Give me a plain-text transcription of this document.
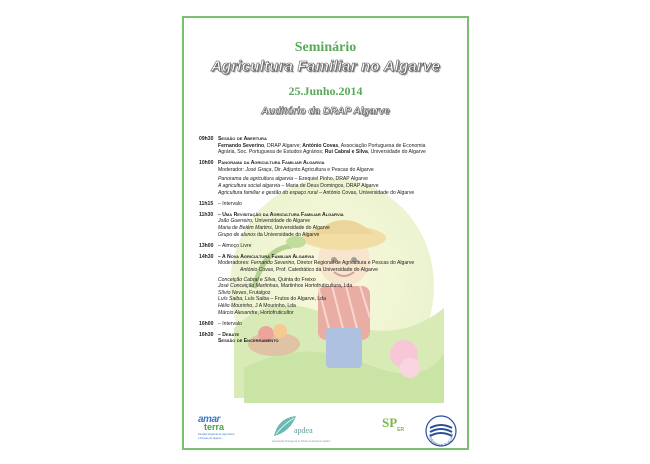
Seminário
Agricultura Familiar no Algarve
25.Junho.2014
Auditório da DRAP Algarve
09h30 Sessão de Abertura
Fernando Severino, DRAP Algarve; António Covas, Associação Portuguesa de Economia
Agrária, Soc. Portuguesa de Estudos Agrários; Rui Cabral e Silva, Universidade do Algarve
10h00 Panorama da Agricultura Familiar Algarvia
Moderador: José Graça, Dir. Adjunto Agricultura e Pescas do Algarve
Panorama da agricultura algarvia – Ezequiel Pinho, DRAP Algarve
A agricultura social algarvia – Maria de Deus Domingos, DRAP Algarve
Agricultura familiar e gestão do espaço rural – António Covas, Universidade do Algarve
11h15 – Intervalo
11h30 – Uma Revisitação da Agricultura Familiar Algarvia
João Guerreiro, Universidade do Algarve
Maria de Belém Martins, Universidade do Algarve
Grupo de alunos da Universidade do Algarve
13h00 – Almoço Livre
14h30 – A Nova Agricultura Familiar Algarvia
Moderadores: Fernando Severino, Diretor Regional de Agricultura e Pescas do Algarve
António Covas, Prof. Catedrático da Universidade do Algarve
Conceição Cabral e Silva, Quinta do Freixo
José Conceição Martinhas, Martinhos Hortofruticultura, Lda
Sílvio Neves, Frutalgoz
Luís Saiba, Luís Saiba – Frutos do Algarve, Lda
Hélio Mourinho, J A Mourinho, Lda
Márcio Alexandre, Hortofruticultor
16h00 – Intervalo
16h30 – Debate
Sessão de Encerramento
amar
terra
Direção Regional de Agricultura
e Pescas do Algarve
apdea
Associação Portuguesa de Direito do Ambiente Agrário
$SP_{ER}$
UNIVERSIDADE DO ALGARV
